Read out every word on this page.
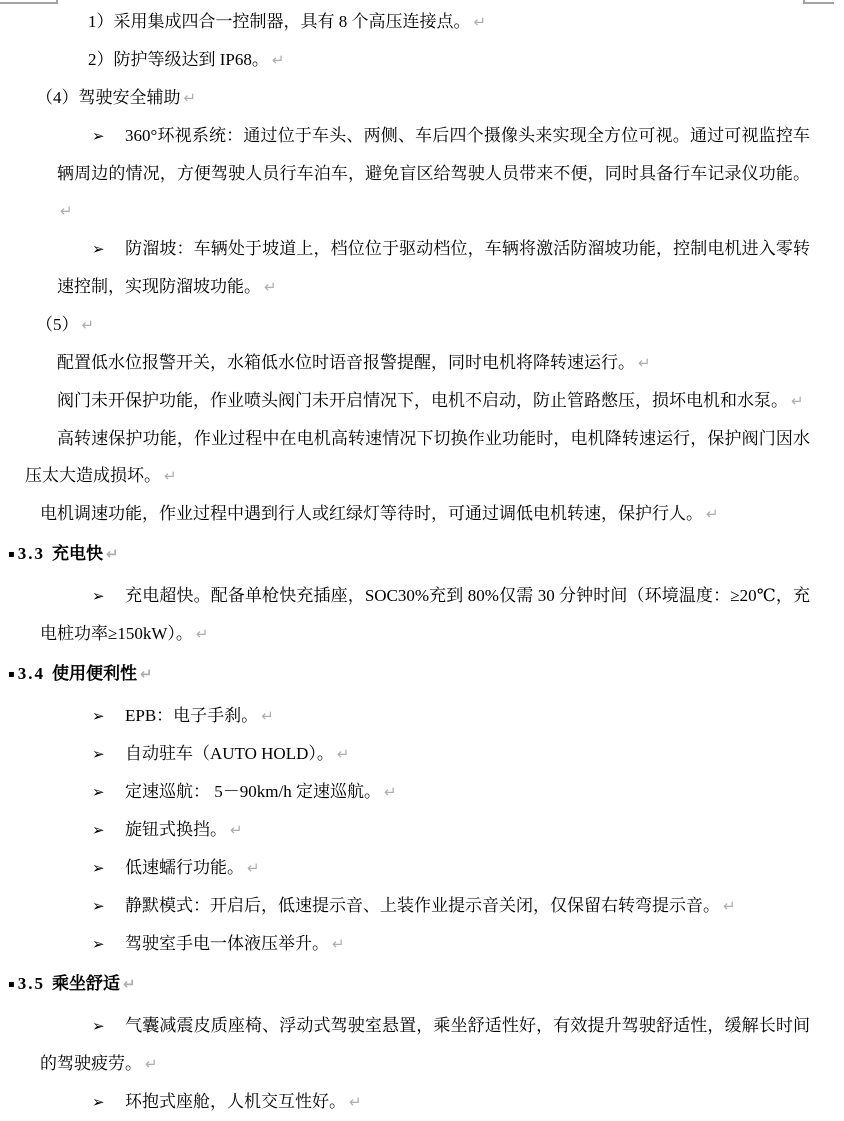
1）采用集成四合一控制器，具有 8 个高压连接点。 ↵

2）防护等级达到 IP68。 ↵

（4）驾驶安全辅助 ↵

➢ 360°环视系统：通过位于车头、两侧、车后四个摄像头来实现全方位可视。通过可视监控车辆周边的情况，方便驾驶人员行车泊车，避免盲区给驾驶人员带来不便，同时具备行车记录仪功能。↵

➢ 防溜坡：车辆处于坡道上，档位位于驱动档位，车辆将激活防溜坡功能，控制电机进入零转速控制，实现防溜坡功能。 ↵

（5） ↵

配置低水位报警开关，水箱低水位时语音报警提醒，同时电机将降转速运行。 ↵

阀门未开保护功能，作业喷头阀门未开启情况下，电机不启动，防止管路憋压，损坏电机和水泵。 ↵

高转速保护功能，作业过程中在电机高转速情况下切换作业功能时，电机降转速运行，保护阀门因水压太大造成损坏。 ↵

电机调速功能，作业过程中遇到行人或红绿灯等待时，可通过调低电机转速，保护行人。 ↵

▪ 3.3 充电快 ↵

➢ 充电超快。配备单枪快充插座，SOC30%充到 80%仅需 30 分钟时间（环境温度：≥20℃，充电桩功率≥150kW）。 ↵

▪ 3.4 使用便利性 ↵

➢ EPB：电子手刹。 ↵

➢ 自动驻车（AUTO HOLD）。 ↵

➢ 定速巡航： 5－90km/h 定速巡航。 ↵

➢ 旋钮式换挡。 ↵

➢ 低速蠕行功能。 ↵

➢ 静默模式：开启后，低速提示音、上装作业提示音关闭，仅保留右转弯提示音。 ↵

➢ 驾驶室手电一体液压举升。 ↵

▪ 3.5 乘坐舒适 ↵

➢ 气囊减震皮质座椅、浮动式驾驶室悬置，乘坐舒适性好，有效提升驾驶舒适性，缓解长时间的驾驶疲劳。 ↵

➢ 环抱式座舱，人机交互性好。 ↵
